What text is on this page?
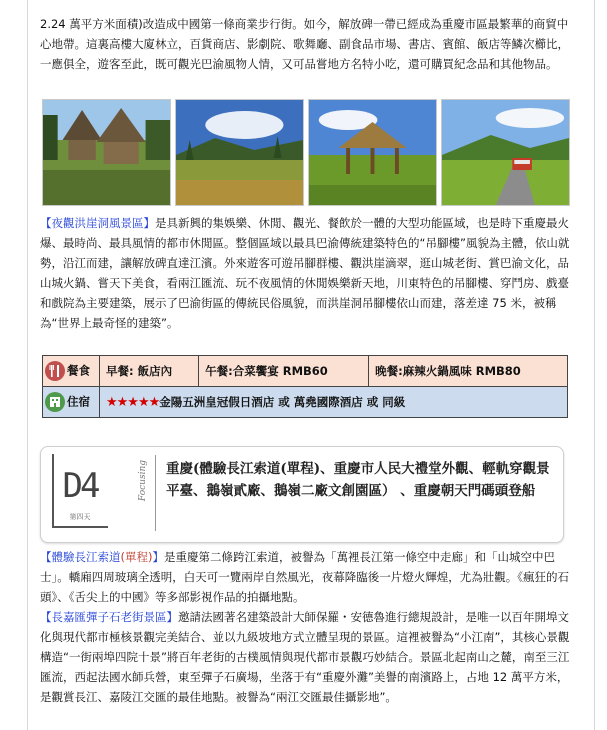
2.24 萬平方米面積)改造成中國第一條商業步行街。如今，解放碑一帶已經成為重慶市區最繁華的商貿中心地帶。這裏高樓大廈林立，百貨商店、影劇院、歌舞廳、副食品市場、書店、賓館、飯店等鱗次櫛比，一應俱全，遊客至此，既可觀光巴渝風物人情，又可品嘗地方名特小吃，還可購買紀念品和其他物品。

【夜觀洪崖洞風景區】是具新興的集娛樂、休閒、觀光、餐飲於一體的大型功能區域，也是時下重慶最火爆、最時尚、最具風情的都市休閒區。整個區域以最具巴渝傳統建築特色的“吊腳樓”風貌為主體，依山就勢，沿江而建，讓解放碑直達江濱。外來遊客可遊吊腳群樓、觀洪崖滴翠，逛山城老街、賞巴渝文化，品山城火鍋、嘗天下美食，看兩江匯流、玩不夜風情的休閒娛樂新天地，川東特色的吊腳樓、穿鬥房、戲臺和戲院為主要建築，展示了巴渝街區的傳統民俗風貌，而洪崖洞吊腳樓依山而建，落差達 75 米，被稱為“世界上最奇怪的建築”。

餐食	早餐: 飯店內	午餐:合菜饗宴 RMB60	晚餐:麻辣火鍋風味 RMB80

住宿	★★★★★金陽五洲皇冠假日酒店 或 萬堯國際酒店 或 同級		
D4
第四天
Focusing 重慶(體驗長江索道(單程)、重慶市人民大禮堂外觀、輕軌穿觀景平臺、鵝嶺貳廠、鵝嶺二廠文創園區） 、重慶朝天門碼頭登船

【體驗長江索道(單程)】是重慶第二條跨江索道，被譽為「萬裡長江第一條空中走廊」和「山城空中巴士」。轎廂四周玻璃全透明，白天可一覽兩岸自然風光，夜幕降臨後一片燈火輝煌，尤為壯觀。《瘋狂的石頭》、《舌尖上的中國》等多部影視作品的拍攝地點。
【長嘉匯彈子石老街景區】邀請法國著名建築設計大師保羅・安德魯進行總規設計，是唯一以百年開埠文化與現代都市極核景觀完美結合、並以九級坡地方式立體呈現的景區。這裡被譽為“小江南”，其核心景觀構造“一街兩埠四院十景”將百年老街的古樸風情與現代都市景觀巧妙結合。景區北起南山之麓，南至三江匯流，西起法國水師兵營，東至彈子石廣場，坐落于有“重慶外灘”美譽的南濱路上，占地 12 萬平方米，是觀賞長江、嘉陵江交匯的最佳地點。被譽為“兩江交匯最佳攝影地”。
